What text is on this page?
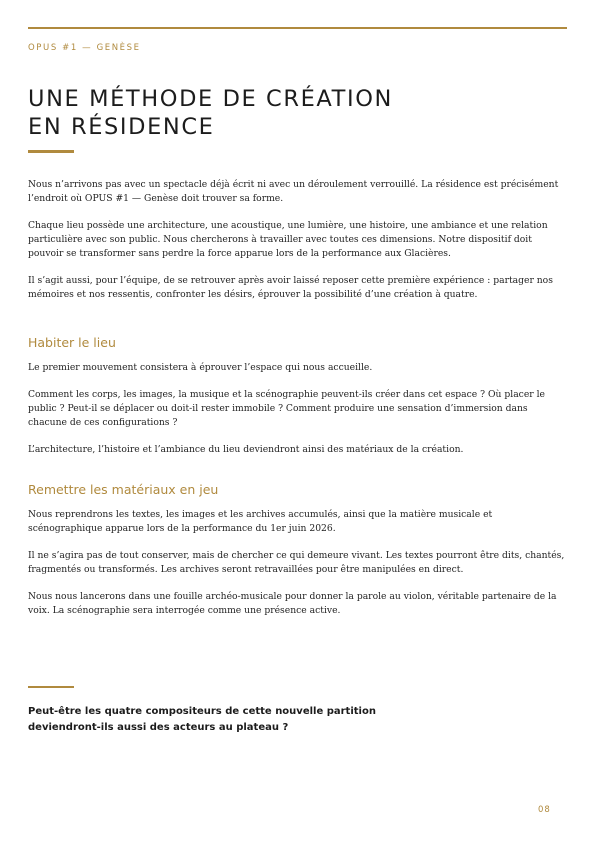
OPUS #1 — GENÈSE
UNE MÉTHODE DE CRÉATION
EN RÉSIDENCE

Nous n’arrivons pas avec un spectacle déjà écrit ni avec un déroulement verrouillé. La résidence est précisément l’endroit où OPUS #1 — Genèse doit trouver sa forme.

Chaque lieu possède une architecture, une acoustique, une lumière, une histoire, une ambiance et une relation particulière avec son public. Nous chercherons à travailler avec toutes ces dimensions. Notre dispositif doit pouvoir se transformer sans perdre la force apparue lors de la performance aux Glacières.

Il s’agit aussi, pour l’équipe, de se retrouver après avoir laissé reposer cette première expérience : partager nos mémoires et nos ressentis, confronter les désirs, éprouver la possibilité d’une création à quatre.

Habiter le lieu

Le premier mouvement consistera à éprouver l’espace qui nous accueille.

Comment les corps, les images, la musique et la scénographie peuvent-ils créer dans cet espace ? Où placer le public ? Peut-il se déplacer ou doit-il rester immobile ? Comment produire une sensation d’immersion dans chacune de ces configurations ?

L’architecture, l’histoire et l’ambiance du lieu deviendront ainsi des matériaux de la création.

Remettre les matériaux en jeu

Nous reprendrons les textes, les images et les archives accumulés, ainsi que la matière musicale et scénographique apparue lors de la performance du 1er juin 2026.

Il ne s’agira pas de tout conserver, mais de chercher ce qui demeure vivant. Les textes pourront être dits, chantés, fragmentés ou transformés. Les archives seront retravaillées pour être manipulées en direct.

Nous nous lancerons dans une fouille archéo-musicale pour donner la parole au violon, véritable partenaire de la voix. La scénographie sera interrogée comme une présence active.

Peut-être les quatre compositeurs de cette nouvelle partition
deviendront-ils aussi des acteurs au plateau ?

08
